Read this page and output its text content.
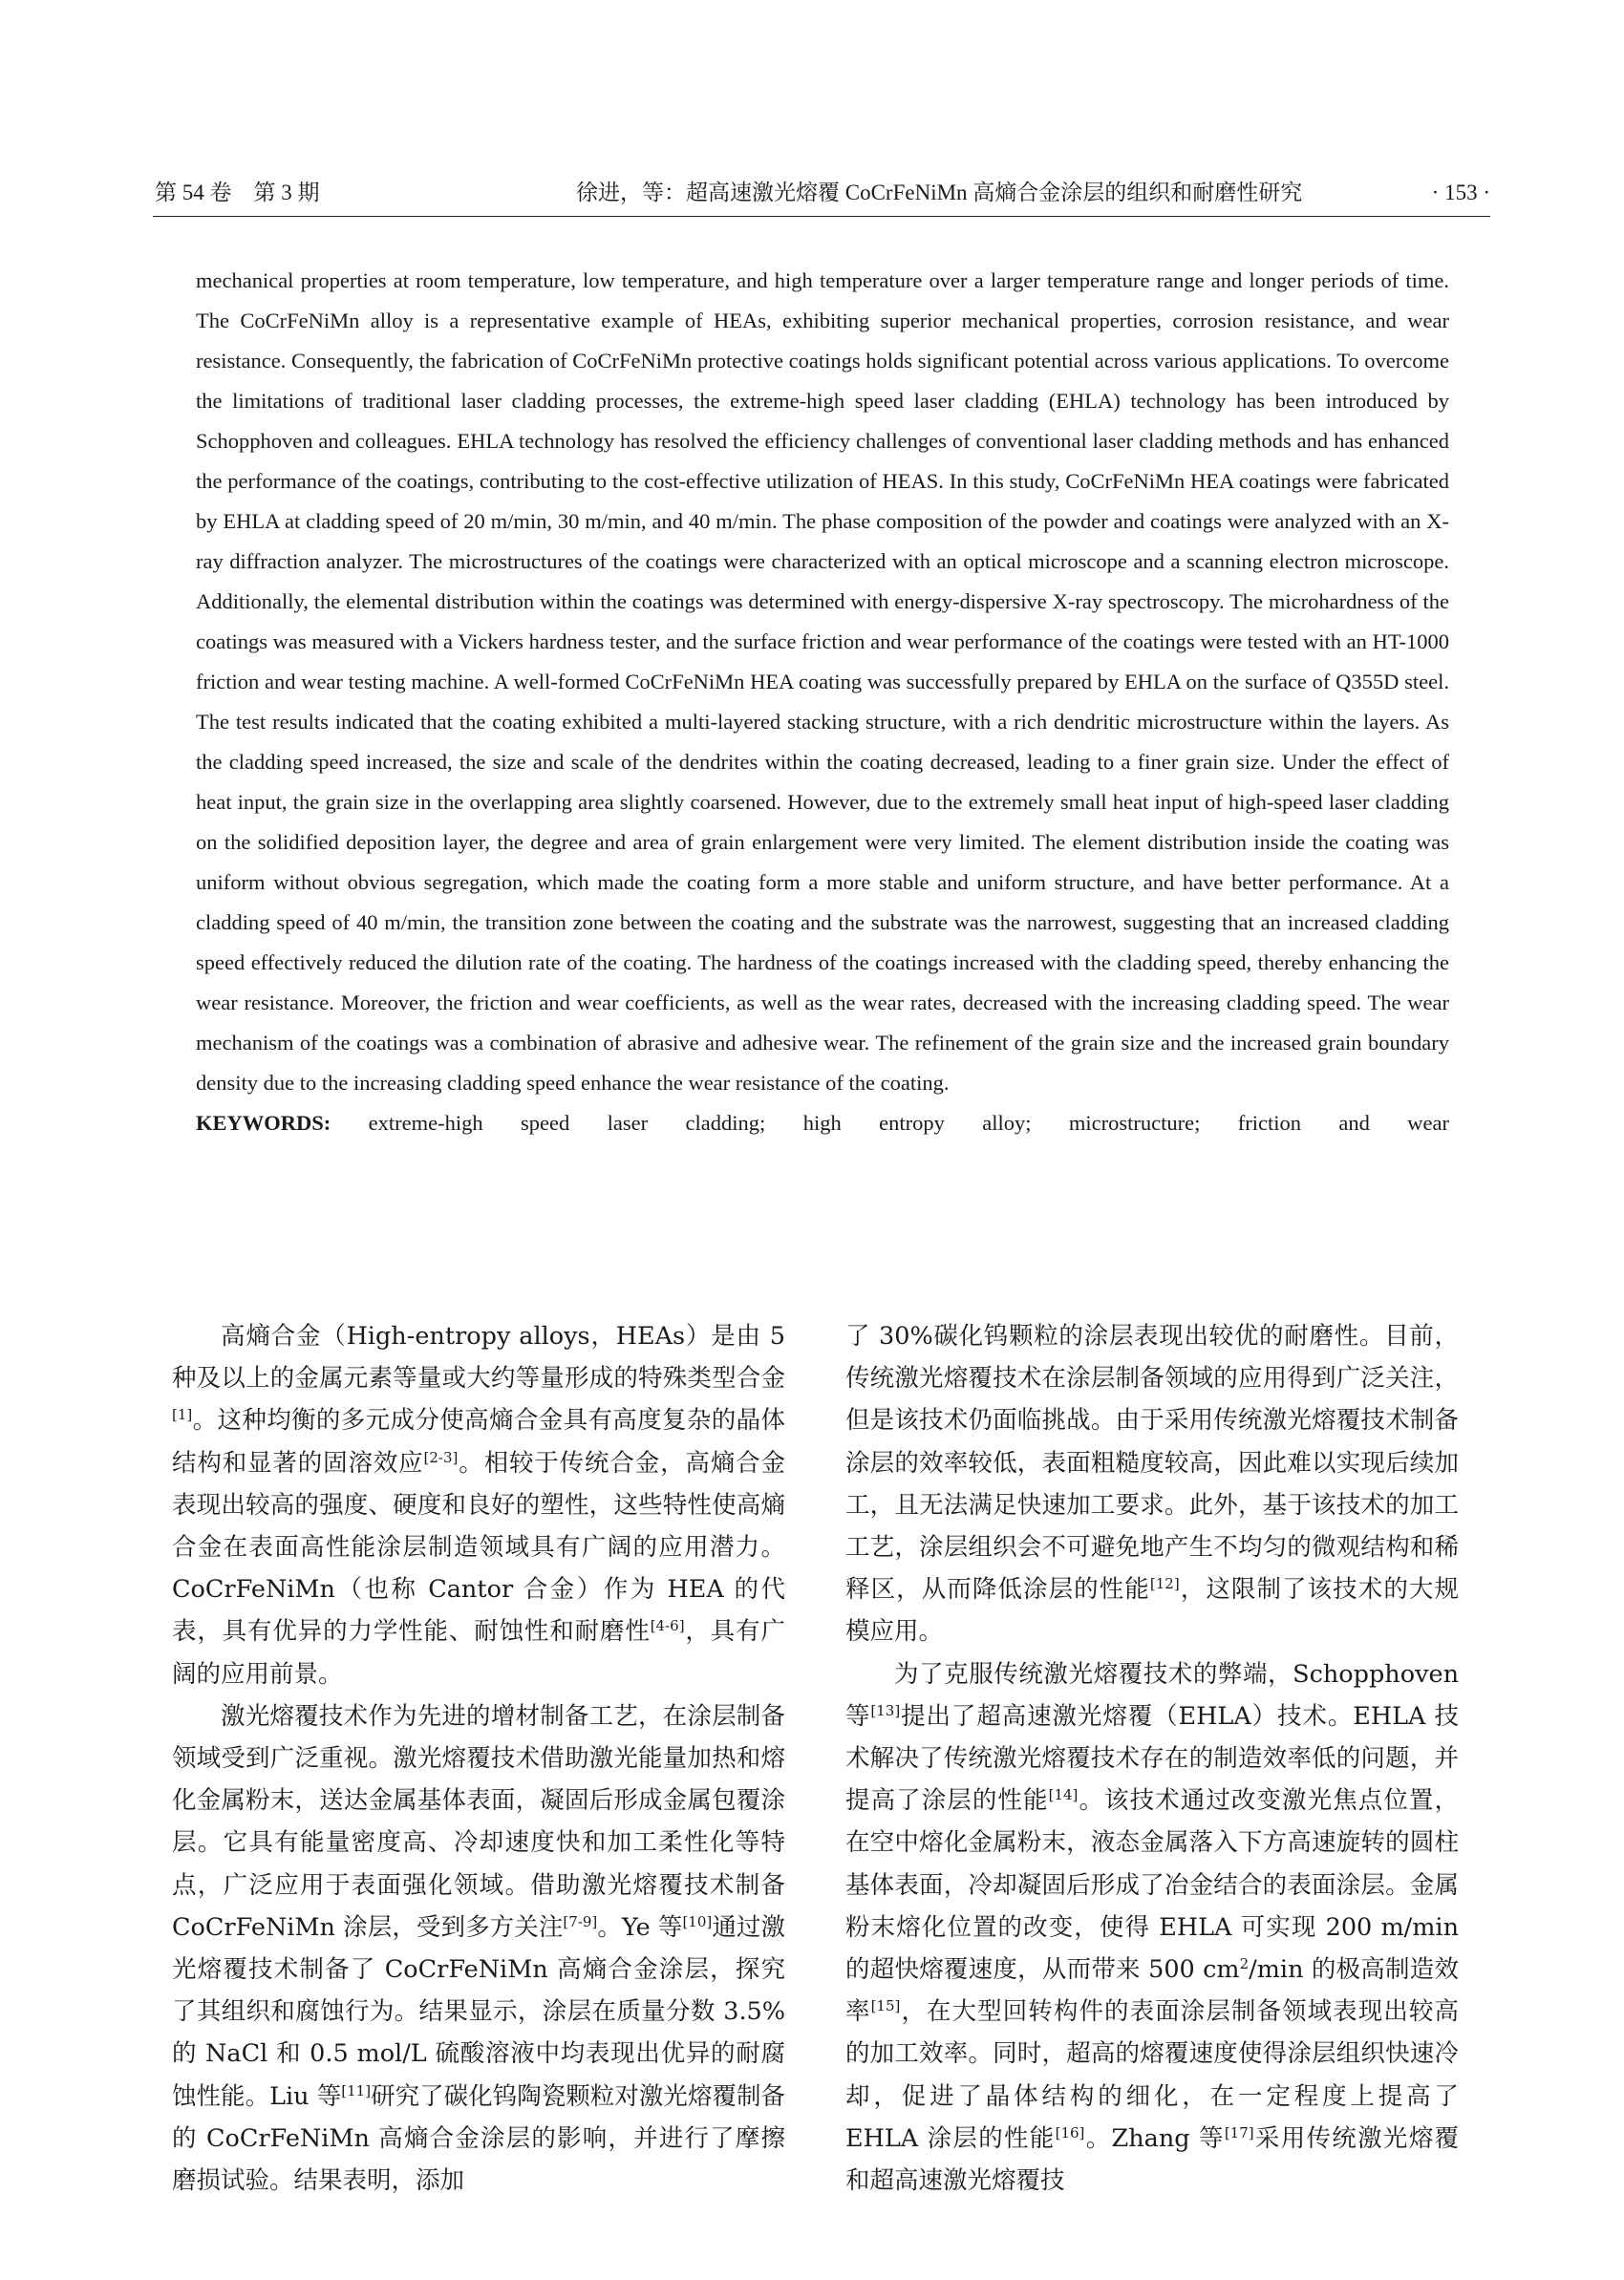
第 54 卷　第 3 期	徐进，等：超高速激光熔覆 CoCrFeNiMn 高熵合金涂层的组织和耐磨性研究	· 153 ·

mechanical properties at room temperature, low temperature, and high temperature over a larger temperature range and longer periods of time. The CoCrFeNiMn alloy is a representative example of HEAs, exhibiting superior mechanical properties, corrosion resistance, and wear resistance. Consequently, the fabrication of CoCrFeNiMn protective coatings holds significant potential across various applications. To overcome the limitations of traditional laser cladding processes, the extreme-high speed laser cladding (EHLA) technology has been introduced by Schopphoven and colleagues. EHLA technology has resolved the efficiency challenges of conventional laser cladding methods and has enhanced the performance of the coatings, contributing to the cost-effective utilization of HEAS. In this study, CoCrFeNiMn HEA coatings were fabricated by EHLA at cladding speed of 20 m/min, 30 m/min, and 40 m/min. The phase composition of the powder and coatings were analyzed with an X-ray diffraction analyzer. The microstructures of the coatings were characterized with an optical microscope and a scanning electron microscope. Additionally, the elemental distribution within the coatings was determined with energy-dispersive X-ray spectroscopy. The microhardness of the coatings was measured with a Vickers hardness tester, and the surface friction and wear performance of the coatings were tested with an HT-1000 friction and wear testing machine. A well-formed CoCrFeNiMn HEA coating was successfully prepared by EHLA on the surface of Q355D steel. The test results indicated that the coating exhibited a multi-layered stacking structure, with a rich dendritic microstructure within the layers. As the cladding speed increased, the size and scale of the dendrites within the coating decreased, leading to a finer grain size. Under the effect of heat input, the grain size in the overlapping area slightly coarsened. However, due to the extremely small heat input of high-speed laser cladding on the solidified deposition layer, the degree and area of grain enlargement were very limited. The element distribution inside the coating was uniform without obvious segregation, which made the coating form a more stable and uniform structure, and have better performance. At a cladding speed of 40 m/min, the transition zone between the coating and the substrate was the narrowest, suggesting that an increased cladding speed effectively reduced the dilution rate of the coating. The hardness of the coatings increased with the cladding speed, thereby enhancing the wear resistance. Moreover, the friction and wear coefficients, as well as the wear rates, decreased with the increasing cladding speed. The wear mechanism of the coatings was a combination of abrasive and adhesive wear. The refinement of the grain size and the increased grain boundary density due to the increasing cladding speed enhance the wear resistance of the coating.

KEYWORDS: extreme-high speed laser cladding; high entropy alloy; microstructure; friction and wear

高熵合金（High-entropy alloys，HEAs）是由 5 种及以上的金属元素等量或大约等量形成的特殊类型合金[1]。这种均衡的多元成分使高熵合金具有高度复杂的晶体结构和显著的固溶效应[2-3]。相较于传统合金，高熵合金表现出较高的强度、硬度和良好的塑性，这些特性使高熵合金在表面高性能涂层制造领域具有广阔的应用潜力。CoCrFeNiMn（也称 Cantor 合金）作为 HEA 的代表，具有优异的力学性能、耐蚀性和耐磨性[4-6]，具有广阔的应用前景。

激光熔覆技术作为先进的增材制备工艺，在涂层制备领域受到广泛重视。激光熔覆技术借助激光能量加热和熔化金属粉末，送达金属基体表面，凝固后形成金属包覆涂层。它具有能量密度高、冷却速度快和加工柔性化等特点，广泛应用于表面强化领域。借助激光熔覆技术制备 CoCrFeNiMn 涂层，受到多方关注[7-9]。Ye 等[10]通过激光熔覆技术制备了 CoCrFeNiMn 高熵合金涂层，探究了其组织和腐蚀行为。结果显示，涂层在质量分数 3.5%的 NaCl 和 0.5 mol/L 硫酸溶液中均表现出优异的耐腐蚀性能。Liu 等[11]研究了碳化钨陶瓷颗粒对激光熔覆制备的 CoCrFeNiMn 高熵合金涂层的影响，并进行了摩擦磨损试验。结果表明，添加

了 30%碳化钨颗粒的涂层表现出较优的耐磨性。目前，传统激光熔覆技术在涂层制备领域的应用得到广泛关注，但是该技术仍面临挑战。由于采用传统激光熔覆技术制备涂层的效率较低，表面粗糙度较高，因此难以实现后续加工，且无法满足快速加工要求。此外，基于该技术的加工工艺，涂层组织会不可避免地产生不均匀的微观结构和稀释区，从而降低涂层的性能[12]，这限制了该技术的大规模应用。

为了克服传统激光熔覆技术的弊端，Schopphoven 等[13]提出了超高速激光熔覆（EHLA）技术。EHLA 技术解决了传统激光熔覆技术存在的制造效率低的问题，并提高了涂层的性能[14]。该技术通过改变激光焦点位置，在空中熔化金属粉末，液态金属落入下方高速旋转的圆柱基体表面，冷却凝固后形成了冶金结合的表面涂层。金属粉末熔化位置的改变，使得 EHLA 可实现 200 m/min 的超快熔覆速度，从而带来 500 $cm^2/\min$ 的极高制造效率[15]，在大型回转构件的表面涂层制备领域表现出较高的加工效率。同时，超高的熔覆速度使得涂层组织快速冷却，促进了晶体结构的细化，在一定程度上提高了 EHLA 涂层的性能[16]。Zhang 等[17]采用传统激光熔覆和超高速激光熔覆技
